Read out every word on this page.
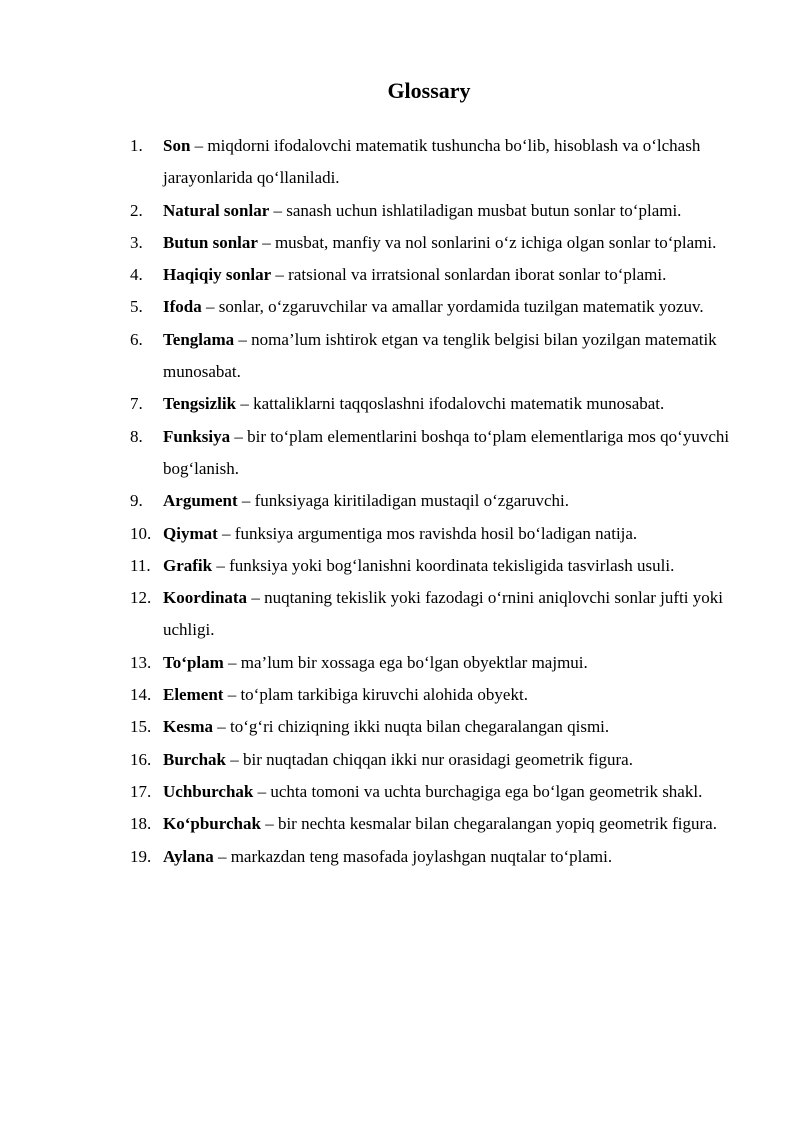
Glossary
1.	Son – miqdorni ifodalovchi matematik tushuncha bo‘lib, hisoblash va o‘lchash jarayonlarida qo‘llaniladi.
2.	Natural sonlar – sanash uchun ishlatiladigan musbat butun sonlar to‘plami.
3.	Butun sonlar – musbat, manfiy va nol sonlarini o‘z ichiga olgan sonlar to‘plami.
4.	Haqiqiy sonlar – ratsional va irratsional sonlardan iborat sonlar to‘plami.
5.	Ifoda – sonlar, o‘zgaruvchilar va amallar yordamida tuzilgan matematik yozuv.
6.	Tenglama – noma’lum ishtirok etgan va tenglik belgisi bilan yozilgan matematik munosabat.
7.	Tengsizlik – kattaliklarni taqqoslashni ifodalovchi matematik munosabat.
8.	Funksiya – bir to‘plam elementlarini boshqa to‘plam elementlariga mos qo‘yuvchi bog‘lanish.
9.	Argument – funksiyaga kiritiladigan mustaqil o‘zgaruvchi.
10. Qiymat – funksiya argumentiga mos ravishda hosil bo‘ladigan natija.
11. Grafik – funksiya yoki bog‘lanishni koordinata tekisligida tasvirlash usuli.
12. Koordinata – nuqtaning tekislik yoki fazodagi o‘rnini aniqlovchi sonlar jufti yoki uchligi.
13. To‘plam – ma’lum bir xossaga ega bo‘lgan obyektlar majmui.
14. Element – to‘plam tarkibiga kiruvchi alohida obyekt.
15. Kesma – to‘g‘ri chiziqning ikki nuqta bilan chegaralangan qismi.
16. Burchak – bir nuqtadan chiqqan ikki nur orasidagi geometrik figura.
17. Uchburchak – uchta tomoni va uchta burchagiga ega bo‘lgan geometrik shakl.
18. Ko‘pburchak – bir nechta kesmalar bilan chegaralangan yopiq geometrik figura.
19. Aylana – markazdan teng masofada joylashgan nuqtalar to‘plami.
